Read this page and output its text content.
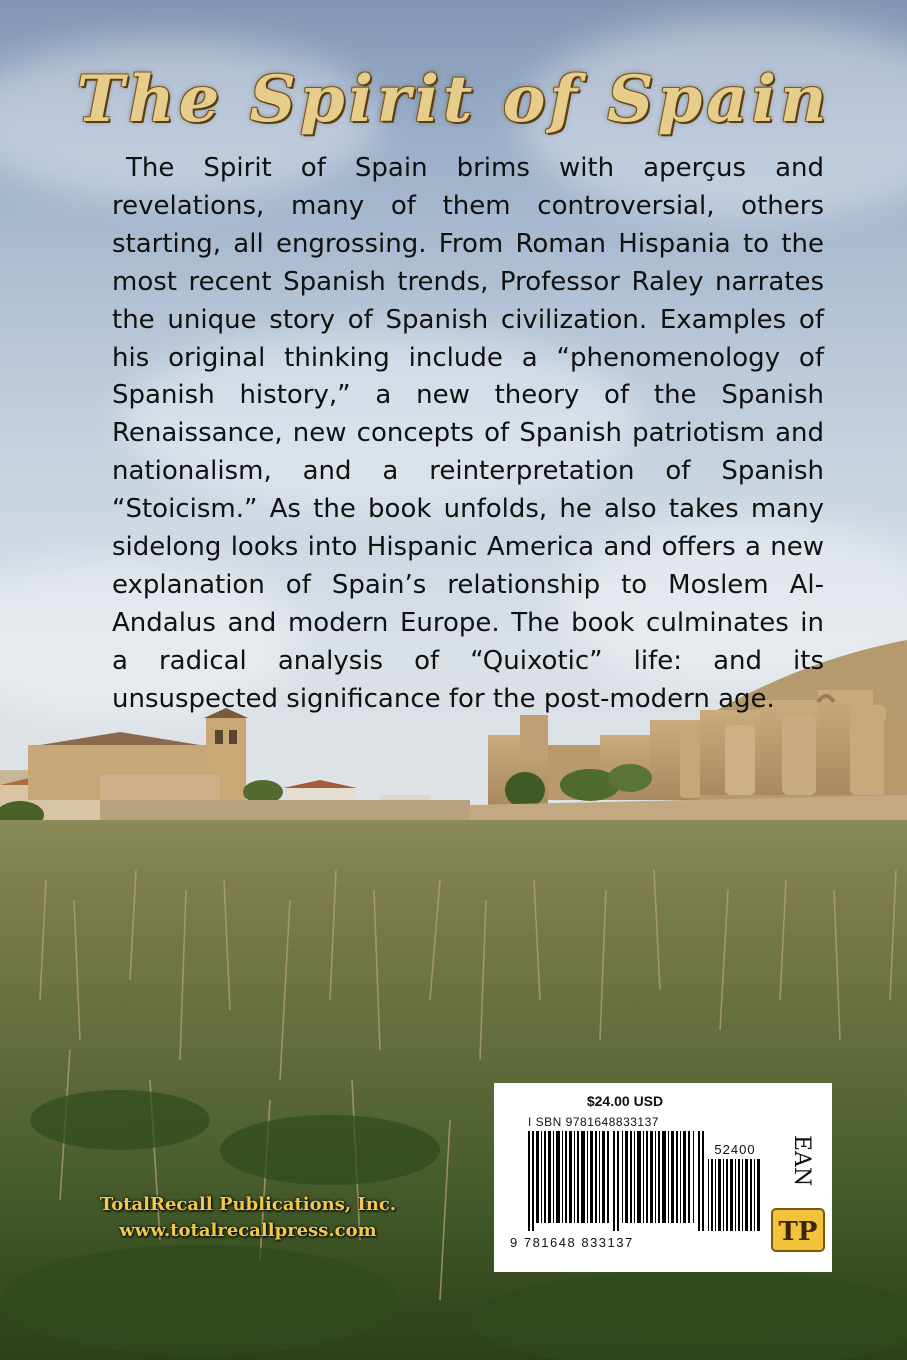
The Spirit of Spain

The Spirit of Spain brims with aperçus and revelations, many of them controversial, others starting, all engrossing. From Roman Hispania to the most recent Spanish trends, Professor Raley narrates the unique story of Spanish civilization. Examples of his original thinking include a “phenomenology of Spanish history,” a new theory of the Spanish Renaissance, new concepts of Spanish patriotism and nationalism, and a reinterpretation of Spanish “Stoicism.” As the book unfolds, he also takes many sidelong looks into Hispanic America and offers a new explanation of Spain’s relationship to Moslem Al-Andalus and modern Europe. The book culminates in a radical analysis of “Quixotic” life: and its unsuspected significance for the post-modern age.

TotalRecall Publications, Inc.
www.totalrecallpress.com
$24.00 USD
I SBN 9781648833137
52400
9 781648 833137
EAN
TP
